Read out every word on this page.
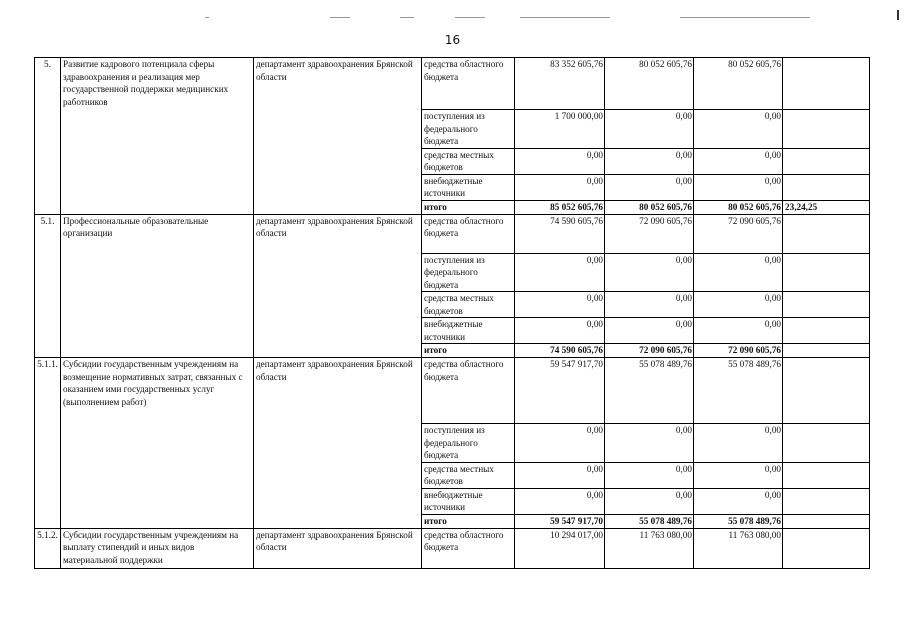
16
5.	Развитие кадрового потенциала сферы здравоохранения и реализация мер государственной поддержки медицинских работников	департамент здравоохранения Брянской области	средства областного бюджета	83 352 605,76	80 052 605,76	80 052 605,76	
			поступления из федерального бюджета	1 700 000,00	0,00	0,00	
			средства местных бюджетов	0,00	0,00	0,00	
			внебюджетные источники	0,00	0,00	0,00	
			итого	85 052 605,76	80 052 605,76	80 052 605,76	23,24,25
5.1.	Профессиональные образовательные организации	департамент здравоохранения Брянской области	средства областного бюджета	74 590 605,76	72 090 605,76	72 090 605,76	
			поступления из федерального бюджета	0,00	0,00	0,00	
			средства местных бюджетов	0,00	0,00	0,00	
			внебюджетные источники	0,00	0,00	0,00	
			итого	74 590 605,76	72 090 605,76	72 090 605,76	
5.1.1.	Субсидии государственным учреждениям на возмещение нормативных затрат, связанных с оказанием ими государственных услуг (выполнением работ)	департамент здравоохранения Брянской области	средства областного бюджета	59 547 917,70	55 078 489,76	55 078 489,76	
			поступления из федерального бюджета	0,00	0,00	0,00	
			средства местных бюджетов	0,00	0,00	0,00	
			внебюджетные источники	0,00	0,00	0,00	
			итого	59 547 917,70	55 078 489,76	55 078 489,76	
5.1.2.	Субсидии государственным учреждениям на выплату стипендий и иных видов материальной поддержки	департамент здравоохранения Брянской области	средства областного бюджета	10 294 017,00	11 763 080,00	11 763 080,00	
